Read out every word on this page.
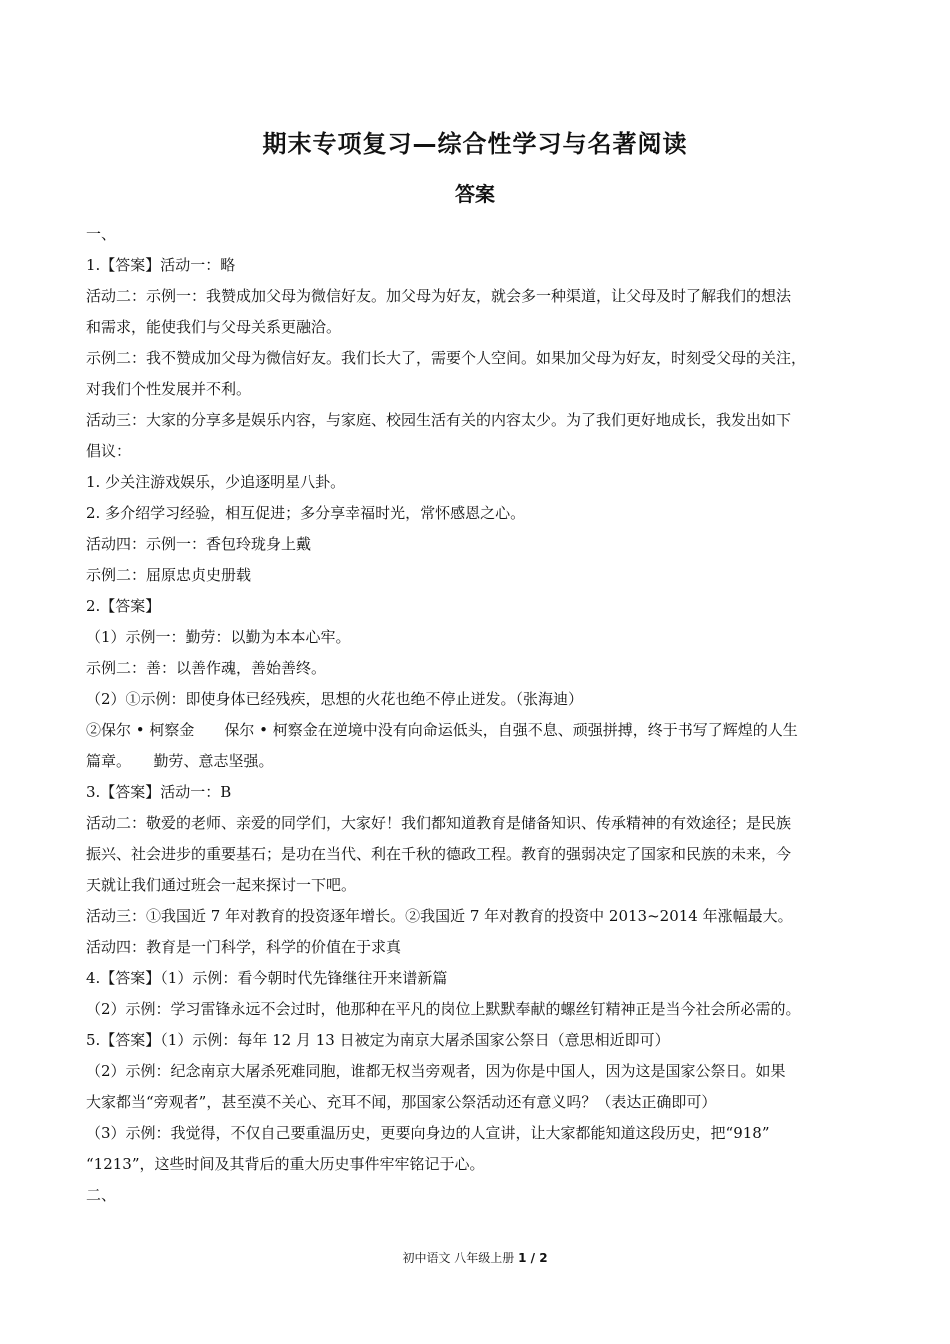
期末专项复习—综合性学习与名著阅读
答案
一、
1.【答案】活动一：略
活动二：示例一：我赞成加父母为微信好友。加父母为好友，就会多一种渠道，让父母及时了解我们的想法
和需求，能使我们与父母关系更融洽。
示例二：我不赞成加父母为微信好友。我们长大了，需要个人空间。如果加父母为好友，时刻受父母的关注，
对我们个性发展并不利。
活动三：大家的分享多是娱乐内容，与家庭、校园生活有关的内容太少。为了我们更好地成长，我发出如下
倡议：
1. 少关注游戏娱乐，少追逐明星八卦。
2. 多介绍学习经验，相互促进；多分享幸福时光，常怀感恩之心。
活动四：示例一：香包玲珑身上戴
示例二：屈原忠贞史册载
2.【答案】
（1）示例一：勤劳：以勤为本本心牢。
示例二：善：以善作魂，善始善终。
（2）①示例：即使身体已经残疾，思想的火花也绝不停止迸发。（张海迪）
②保尔 • 柯察金　　保尔 • 柯察金在逆境中没有向命运低头，自强不息、顽强拼搏，终于书写了辉煌的人生
篇章。　　勤劳、意志坚强。
3.【答案】活动一：B
活动二：敬爱的老师、亲爱的同学们，大家好！我们都知道教育是储备知识、传承精神的有效途径；是民族
振兴、社会进步的重要基石；是功在当代、利在千秋的德政工程。教育的强弱决定了国家和民族的未来，今
天就让我们通过班会一起来探讨一下吧。
活动三：①我国近 7 年对教育的投资逐年增长。②我国近 7 年对教育的投资中 2013~2014 年涨幅最大。
活动四：教育是一门科学，科学的价值在于求真
4.【答案】（1）示例：看今朝时代先锋继往开来谱新篇
（2）示例：学习雷锋永远不会过时，他那种在平凡的岗位上默默奉献的螺丝钉精神正是当今社会所必需的。
5.【答案】（1）示例：每年 12 月 13 日被定为南京大屠杀国家公祭日（意思相近即可）
（2）示例：纪念南京大屠杀死难同胞，谁都无权当旁观者，因为你是中国人，因为这是国家公祭日。如果
大家都当“旁观者”，甚至漠不关心、充耳不闻，那国家公祭活动还有意义吗？（表达正确即可）
（3）示例：我觉得，不仅自己要重温历史，更要向身边的人宣讲，让大家都能知道这段历史，把“918”
“1213”，这些时间及其背后的重大历史事件牢牢铭记于心。
二、
初中语文 八年级上册 1 / 2
